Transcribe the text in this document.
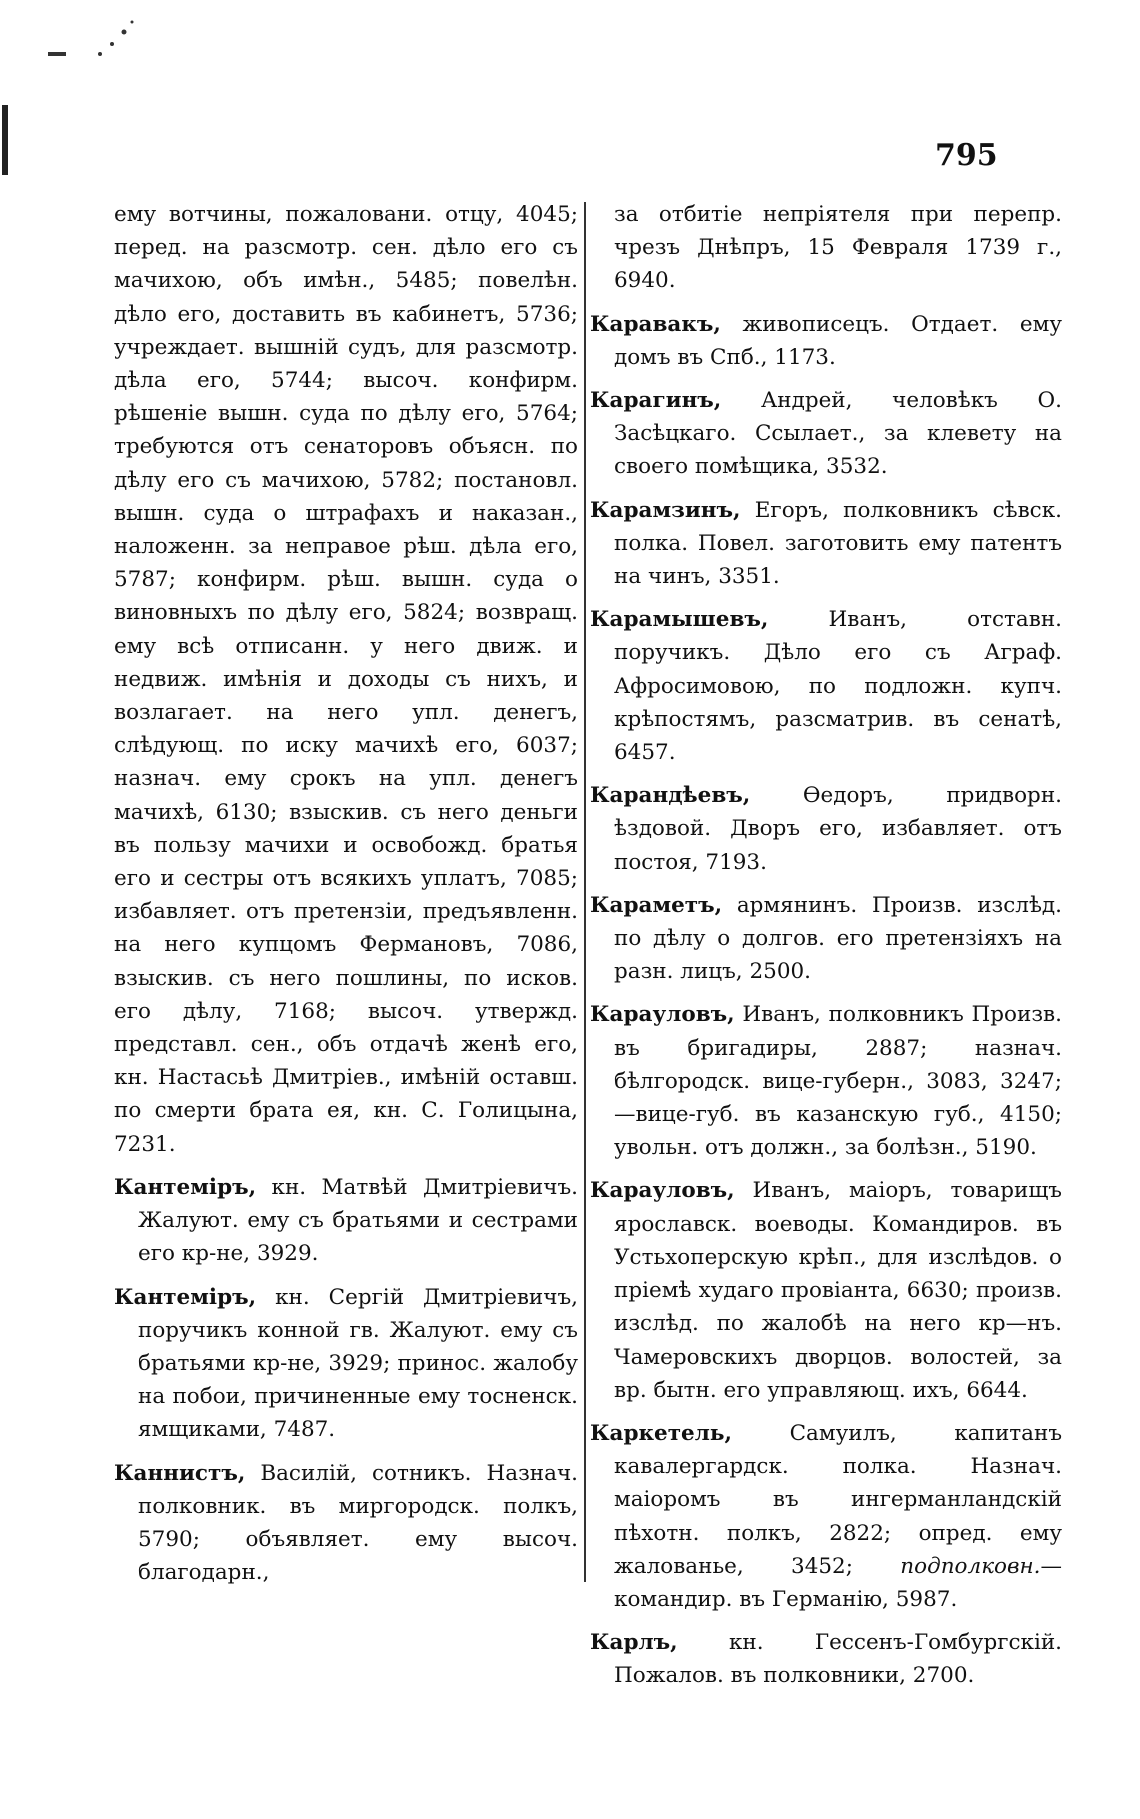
795

ему вотчины, пожаловани. отцу, 4045; перед. на разсмотр. сен. дѣло его съ мачихою, объ имѣн., 5485; повелѣн. дѣло его, доставить въ кабинетъ, 5736; учреждает. вышній судъ, для разсмотр. дѣла его, 5744; высоч. конфирм. рѣшеніе вышн. суда по дѣлу его, 5764; требуются отъ сенаторовъ объясн. по дѣлу его съ мачихою, 5782; постановл. вышн. суда о штрафахъ и наказан., наложенн. за неправое рѣш. дѣла его, 5787; конфирм. рѣш. вышн. суда о виновныхъ по дѣлу его, 5824; возвращ. ему всѣ отписанн. у него движ. и недвиж. имѣнія и доходы съ нихъ, и возлагает. на него упл. денегъ, слѣдующ. по иску мачихѣ его, 6037; назнач. ему срокъ на упл. денегъ мачихѣ, 6130; взыскив. съ него деньги въ пользу мачихи и освобожд. братья его и сестры отъ всякихъ уплатъ, 7085; избавляет. отъ претензіи, предъявленн. на него купцомъ Фермановъ, 7086, взыскив. съ него пошлины, по исков. его дѣлу, 7168; высоч. утвержд. представл. сен., объ отдачѣ женѣ его, кн. Настасьѣ Дмитріев., имѣній оставш. по смерти брата ея, кн. С. Голицына, 7231.

Кантеміръ, кн. Матвѣй Дмитріевичъ. Жалуют. ему съ братьями и сестрами его кр-не, 3929.

Кантеміръ, кн. Сергій Дмитріевичъ, поручикъ конной гв. Жалуют. ему съ братьями кр-не, 3929; принос. жалобу на побои, причиненные ему тосненск. ямщиками, 7487.

Каннистъ, Василій, сотникъ. Назнач. полковник. въ миргородск. полкъ, 5790; объявляет. ему высоч. благодарн.,

за отбитіе непріятеля при перепр. чрезъ Днѣпръ, 15 Февраля 1739 г., 6940.

Каравакъ, живописецъ. Отдает. ему домъ въ Спб., 1173.

Карагинъ, Андрей, человѣкъ О. Засѣцкаго. Ссылает., за клевету на своего помѣщика, 3532.

Карамзинъ, Егоръ, полковникъ сѣвск. полка. Повел. заготовить ему патентъ на чинъ, 3351.

Карамышевъ, Иванъ, отставн. поручикъ. Дѣло его съ Аграф. Афросимовою, по подложн. купч. крѣпостямъ, разсматрив. въ сенатѣ, 6457.

Карандѣевъ, Өедоръ, придворн. ѣздовой. Дворъ его, избавляет. отъ постоя, 7193.

Караметъ, армянинъ. Произв. изслѣд. по дѣлу о долгов. его претензіяхъ на разн. лицъ, 2500.

Карауловъ, Иванъ, полковникъ Произв. въ бригадиры, 2887; назнач. бѣлгородск. вице-губерн., 3083, 3247;—вице-губ. въ казанскую губ., 4150; увольн. отъ должн., за болѣзн., 5190.

Карауловъ, Иванъ, маіоръ, товарищъ ярославск. воеводы. Командиров. въ Устьхоперскую крѣп., для изслѣдов. о пріемѣ худаго провіанта, 6630; произв. изслѣд. по жалобѣ на него кр—нъ. Чамеровскихъ дворцов. волостей, за вр. бытн. его управляющ. ихъ, 6644.

Каркетель, Самуилъ, капитанъ кавалергардск. полка. Назнач. маіоромъ въ ингерманландскій пѣхотн. полкъ, 2822; опред. ему жалованье, 3452; подполковн.—командир. въ Германію, 5987.

Карлъ, кн. Гессенъ-Гомбургскій. Пожалов. въ полковники, 2700.
